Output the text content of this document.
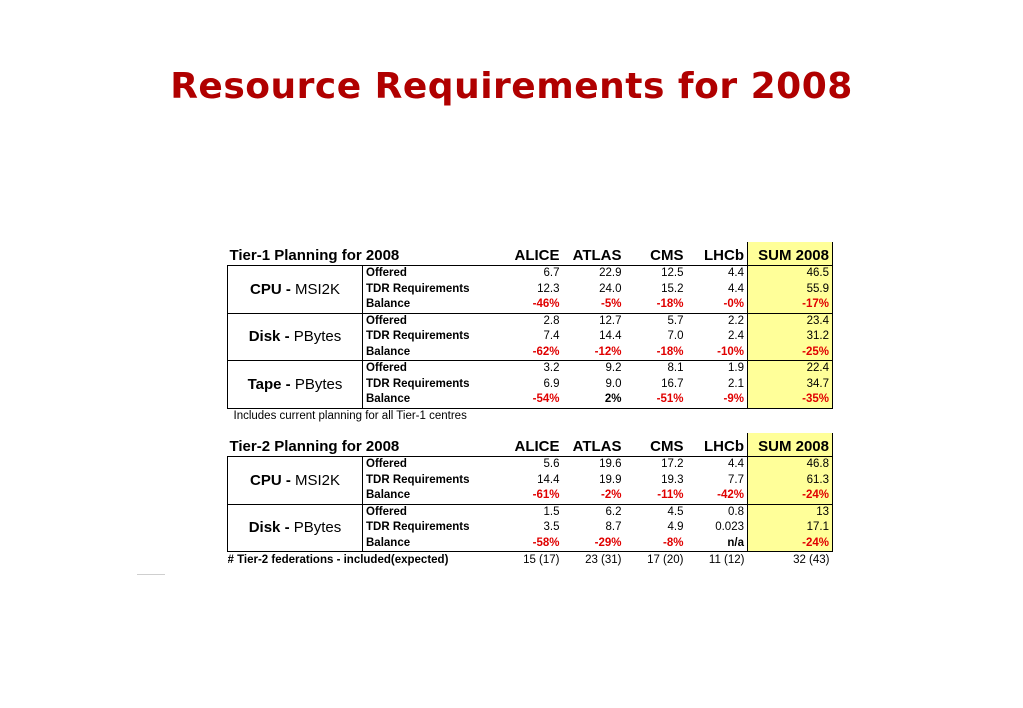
Resource Requirements for 2008
Tier-1 Planning for 2008		ALICE	ATLAS	CMS	LHCb	SUM 2008
CPU - MSI2K	Offered	6.7	22.9	12.5	4.4	46.5
	TDR Requirements	12.3	24.0	15.2	4.4	55.9
	Balance	-46%	-5%	-18%	-0%	-17%
Disk - PBytes	Offered	2.8	12.7	5.7	2.2	23.4
	TDR Requirements	7.4	14.4	7.0	2.4	31.2
	Balance	-62%	-12%	-18%	-10%	-25%
Tape - PBytes	Offered	3.2	9.2	8.1	1.9	22.4
	TDR Requirements	6.9	9.0	16.7	2.1	34.7
	Balance	-54%	2%	-51%	-9%	-35%
Includes current planning for all Tier-1 centres						
Tier-2 Planning for 2008		ALICE	ATLAS	CMS	LHCb	SUM 2008
CPU - MSI2K	Offered	5.6	19.6	17.2	4.4	46.8
	TDR Requirements	14.4	19.9	19.3	7.7	61.3
	Balance	-61%	-2%	-11%	-42%	-24%
Disk - PBytes	Offered	1.5	6.2	4.5	0.8	13
	TDR Requirements	3.5	8.7	4.9	0.023	17.1
	Balance	-58%	-29%	-8%	n/a	-24%
# Tier-2 federations - included(expected)		15 (17)	23 (31)	17 (20)	11 (12)	32 (43)
